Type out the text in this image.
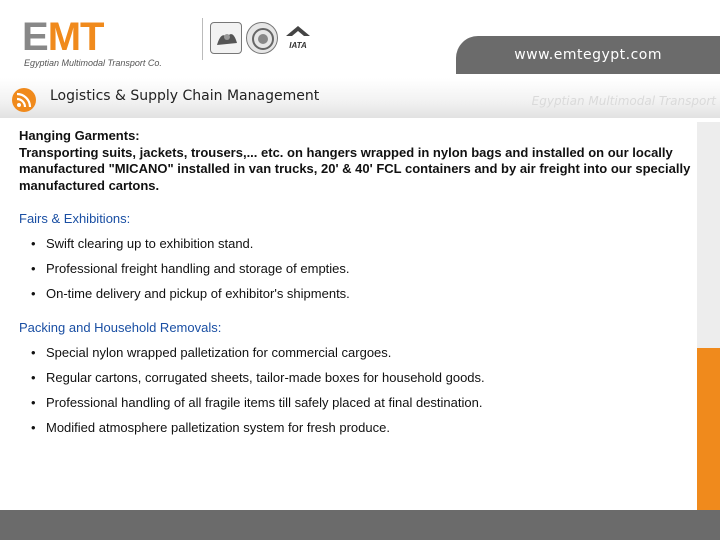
EMT
Egyptian Multimodal Transport Co.
IATA
www.emtegypt.com
Logistics & Supply Chain Management	Egyptian Multimodal Transport

Hanging Garments:

Transporting suits, jackets, trousers,... etc. on hangers wrapped in nylon bags and installed on our locally manufactured "MICANO" installed in van trucks, 20' & 40' FCL containers and by air freight into our specially manufactured cartons.

Fairs & Exhibitions:

• Swift clearing up to exhibition stand.
• Professional freight handling and storage of empties.
• On-time delivery and pickup of exhibitor's shipments.

Packing and Household Removals:

• Special nylon wrapped palletization for commercial cargoes.
• Regular cartons, corrugated sheets, tailor-made boxes for household goods.
• Professional handling of all fragile items till safely placed at final destination.
• Modified atmosphere palletization system for fresh produce.
